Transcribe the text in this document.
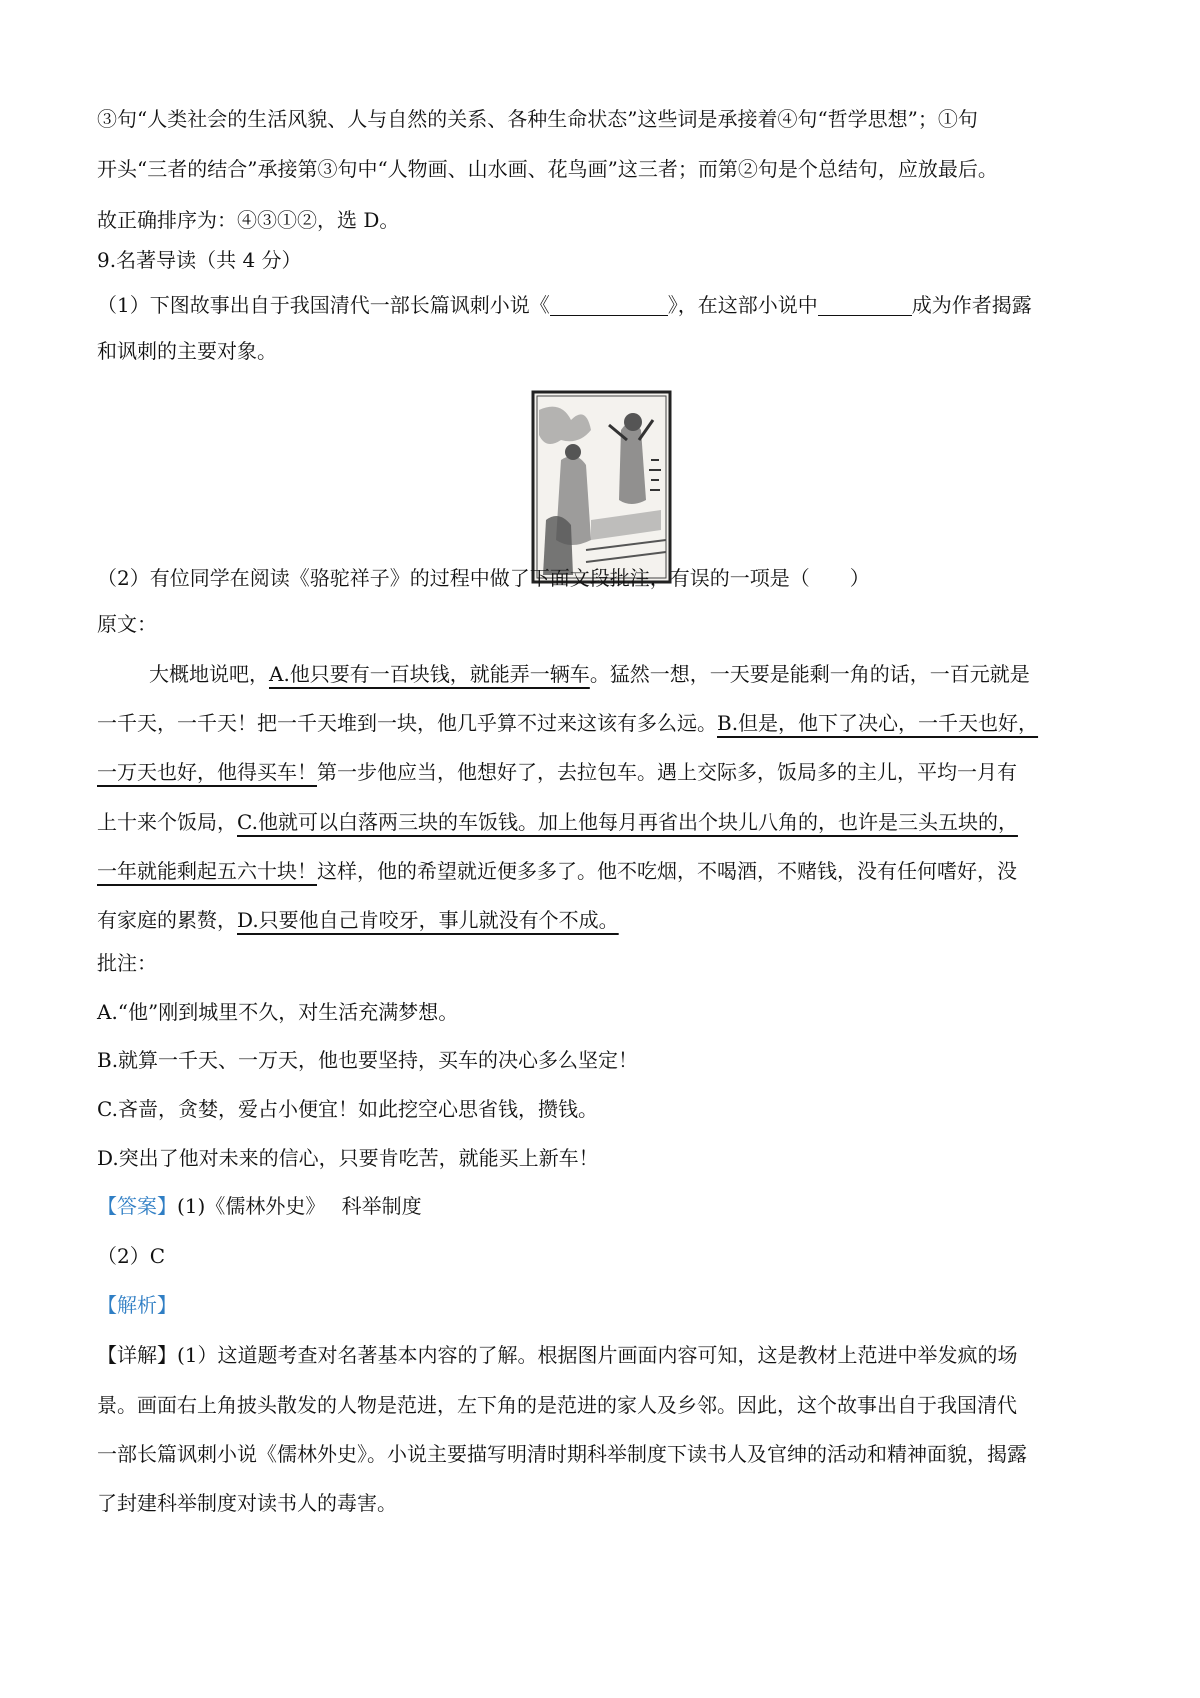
③句“人类社会的生活风貌、人与自然的关系、各种生命状态”这些词是承接着④句“哲学思想”；①句

开头“三者的结合”承接第③句中“人物画、山水画、花鸟画”这三者；而第②句是个总结句，应放最后。

故正确排序为：④③①②，选 D。

9.名著导读（共 4 分）

（1）下图故事出自于我国清代一部长篇讽刺小说《	》，在这部小说中	成为作者揭露

和讽刺的主要对象。

（2）有位同学在阅读《骆驼祥子》的过程中做了下面文段批注，有误的一项是（　　）

原文：

大概地说吧，A.他只要有一百块钱，就能弄一辆车。猛然一想，一天要是能剩一角的话，一百元就是
一千天，一千天！把一千天堆到一块，他几乎算不过来这该有多么远。B.但是，他下了决心，一千天也好，
一万天也好，他得买车！第一步他应当，他想好了，去拉包车。遇上交际多，饭局多的主儿，平均一月有
上十来个饭局，C.他就可以白落两三块的车饭钱。加上他每月再省出个块儿八角的，也许是三头五块的，
一年就能剩起五六十块！这样，他的希望就近便多多了。他不吃烟，不喝酒，不赌钱，没有任何嗜好，没
有家庭的累赘，D.只要他自己肯咬牙，事儿就没有个不成。

批注：

A.“他”刚到城里不久，对生活充满梦想。

B.就算一千天、一万天，他也要坚持，买车的决心多么坚定！

C.吝啬，贪婪，爱占小便宜！如此挖空心思省钱，攒钱。

D.突出了他对未来的信心，只要肯吃苦，就能买上新车！

【答案】(1)《儒林外史》　 科举制度

（2）C

【解析】

【详解】(1）这道题考查对名著基本内容的了解。根据图片画面内容可知，这是教材上范进中举发疯的场

景。画面右上角披头散发的人物是范进，左下角的是范进的家人及乡邻。因此，这个故事出自于我国清代

一部长篇讽刺小说《儒林外史》。小说主要描写明清时期科举制度下读书人及官绅的活动和精神面貌，揭露

了封建科举制度对读书人的毒害。
